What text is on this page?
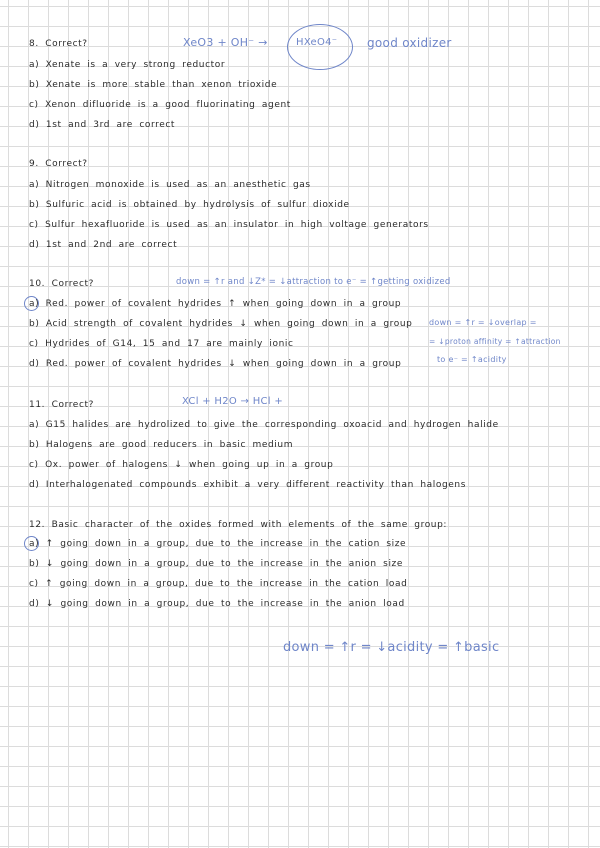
8. Correct?	XeO3 + OH⁻ →	HXeO4⁻ good oxidizer
a) Xenate is a very strong reductor
b) Xenate is more stable than xenon trioxide
c) Xenon difluoride is a good fluorinating agent
d) 1st and 3rd are correct
9. Correct?
a) Nitrogen monoxide is used as an anesthetic gas
b) Sulfuric acid is obtained by hydrolysis of sulfur dioxide
c) Sulfur hexafluoride is used as an insulator in high voltage generators
d) 1st and 2nd are correct
10. Correct?	down = ↑r and ↓Z* = ↓attraction to e⁻ = ↑getting oxidized
a) Red. power of covalent hydrides ↑ when going down in a group
b) Acid strength of covalent hydrides ↓ when going down in a group down = ↑r = ↓overlap =
c) Hydrides of G14, 15 and 17 are mainly ionic	= ↓proton affinity = ↑attraction
d) Red. power of covalent hydrides ↓ when going down in a group	to e⁻ = ↑acidity
11. Correct?	XCl + H2O → HCl +
a) G15 halides are hydrolized to give the corresponding oxoacid and hydrogen halide
b) Halogens are good reducers in basic medium
c) Ox. power of halogens ↓ when going up in a group
d) Interhalogenated compounds exhibit a very different reactivity than halogens
12. Basic character of the oxides formed with elements of the same group:
a) ↑ going down in a group, due to the increase in the cation size
b) ↓ going down in a group, due to the increase in the anion size
c) ↑ going down in a group, due to the increase in the cation load
d) ↓ going down in a group, due to the increase in the anion load
down = ↑r = ↓acidity = ↑basic
